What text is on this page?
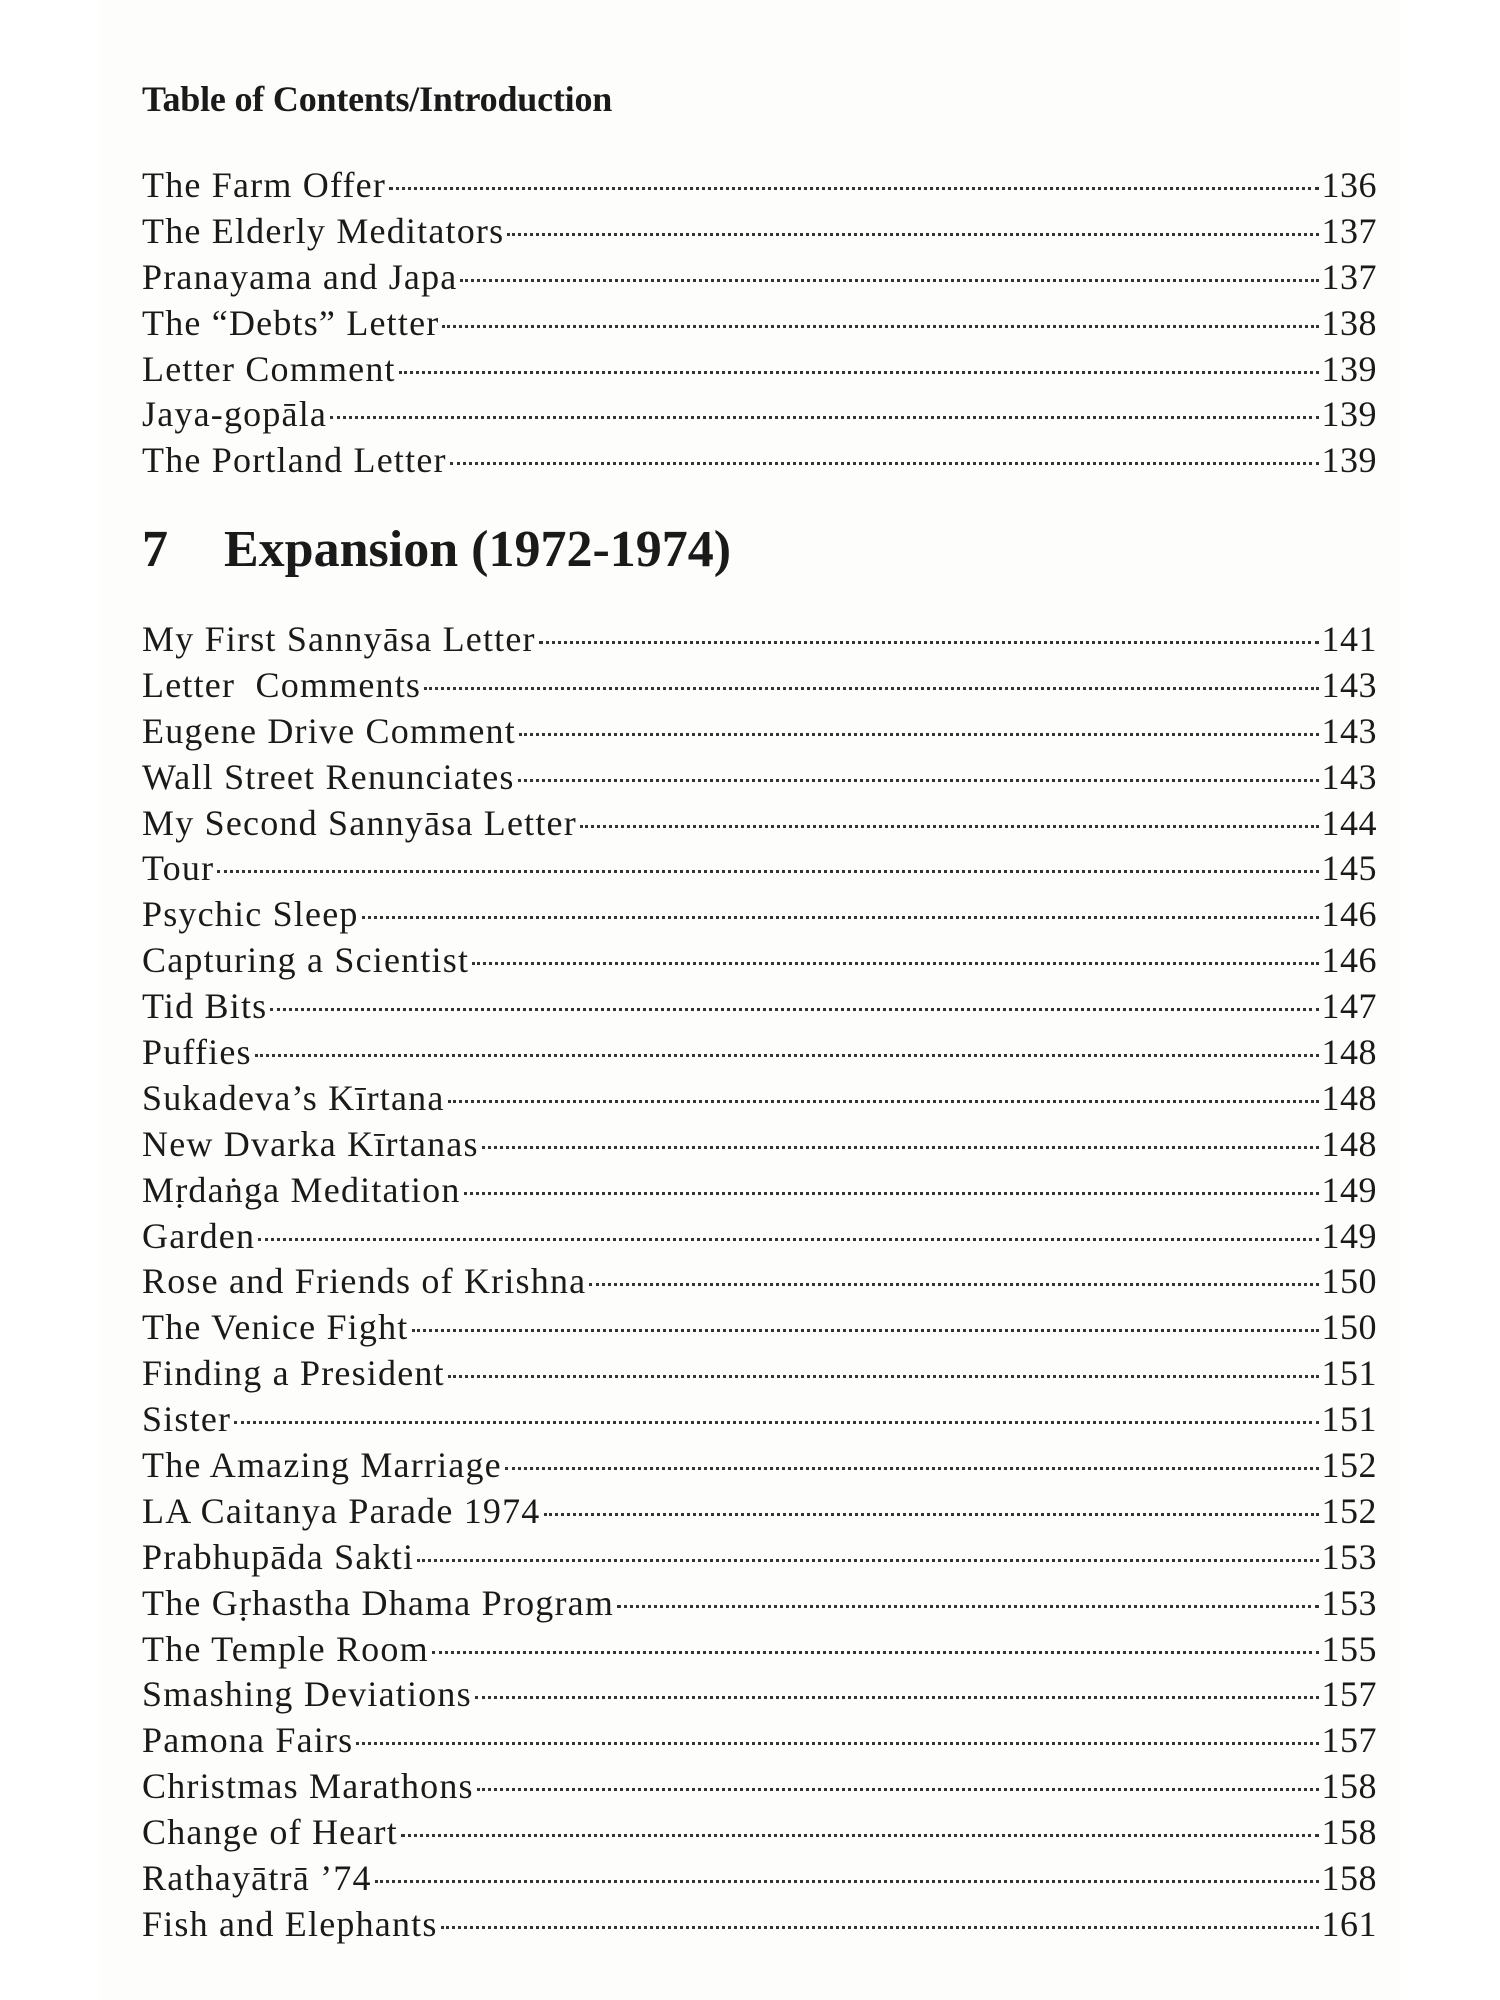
Table of Contents/Introduction
The Farm Offer	136
The Elderly Meditators	137
Pranayama and Japa	137
The “Debts” Letter	138
Letter Comment	139
Jaya-gopāla	139
The Portland Letter	139
7 Expansion (1972-1974)
My First Sannyāsa Letter	141
Letter  Comments	143
Eugene Drive Comment	143
Wall Street Renunciates	143
My Second Sannyāsa Letter	144
Tour	145
Psychic Sleep	146
Capturing a Scientist	146
Tid Bits	147
Puffies	148
Sukadeva’s Kīrtana	148
New Dvarka Kīrtanas	148
Mṛdaṅga Meditation	149
Garden	149
Rose and Friends of Krishna	150
The Venice Fight	150
Finding a President	151
Sister	151
The Amazing Marriage	152
LA Caitanya Parade 1974	152
Prabhupāda Sakti	153
The Gṛhastha Dhama Program	153
The Temple Room	155
Smashing Deviations	157
Pamona Fairs	157
Christmas Marathons	158
Change of Heart	158
Rathayātrā ’74	158
Fish and Elephants	161
